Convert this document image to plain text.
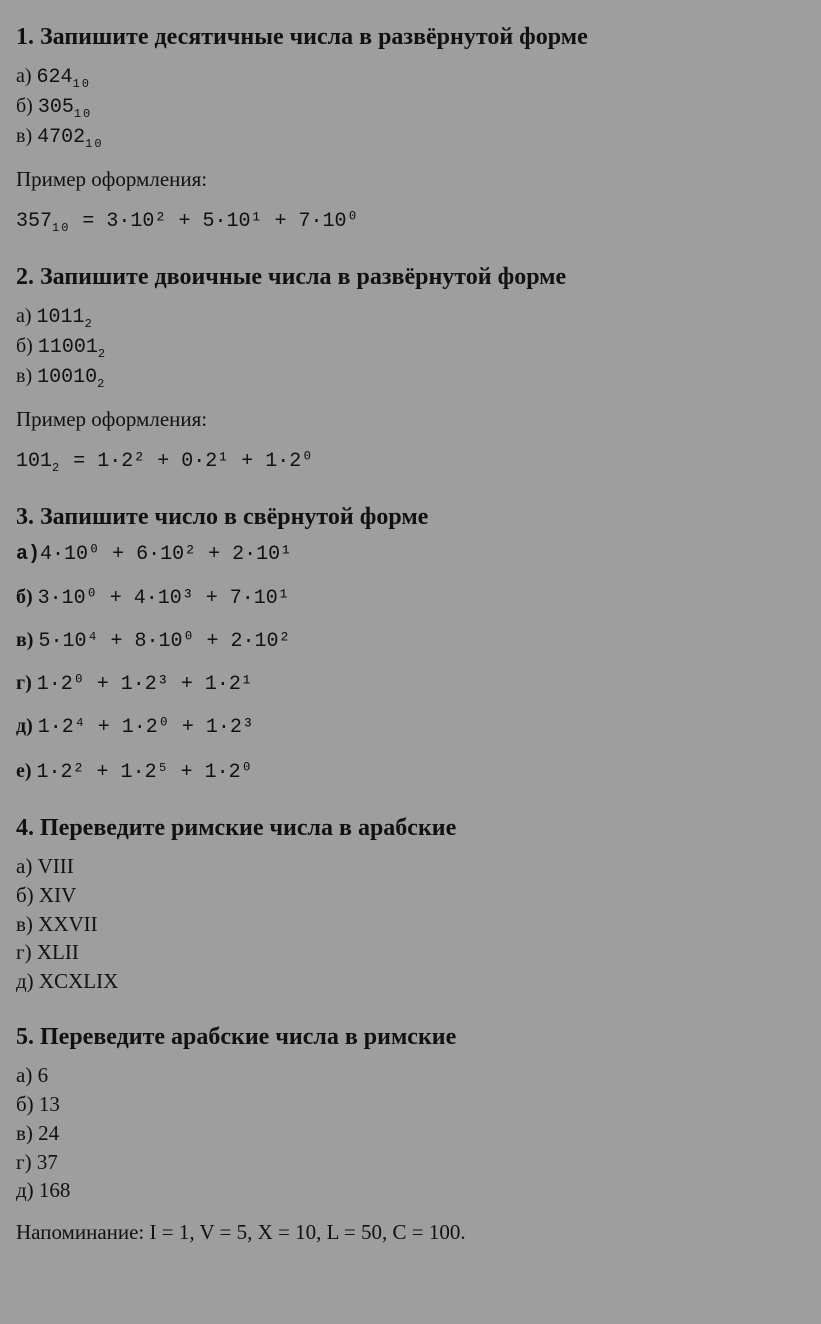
1. Запишите десятичные числа в развёрнутой форме
а) $624_{10}$
б) $305_{10}$
в) $4702_{10}$
Пример оформления:
$357_{10} = 3\cdot 10^2 + 5\cdot 10^1 + 7\cdot 10^0$
2. Запишите двоичные числа в развёрнутой форме
а) $1011_2$
б) $11001_2$
в) $10010_2$
Пример оформления:
$101_2 = 1\cdot 2^2 + 0\cdot 2^1 + 1\cdot 2^0$
3. Запишите число в свёрнутой форме
а)4·10⁰ + 6·10² + 2·10¹
б) 3·10⁰ + 4·10³ + 7·10¹
в) 5·10⁴ + 8·10⁰ + 2·10²
г) 1·2⁰ + 1·2³ + 1·2¹
д) 1·2⁴ + 1·2⁰ + 1·2³
е) 1·2² + 1·2⁵ + 1·2⁰
4. Переведите римские числа в арабские
а) VIII
б) XIV
в) XXVII
г) XLII
д) XCXLIX
5. Переведите арабские числа в римские
а) 6
б) 13
в) 24
г) 37
д) 168
Напоминание: I = 1, V = 5, X = 10, L = 50, C = 100.
